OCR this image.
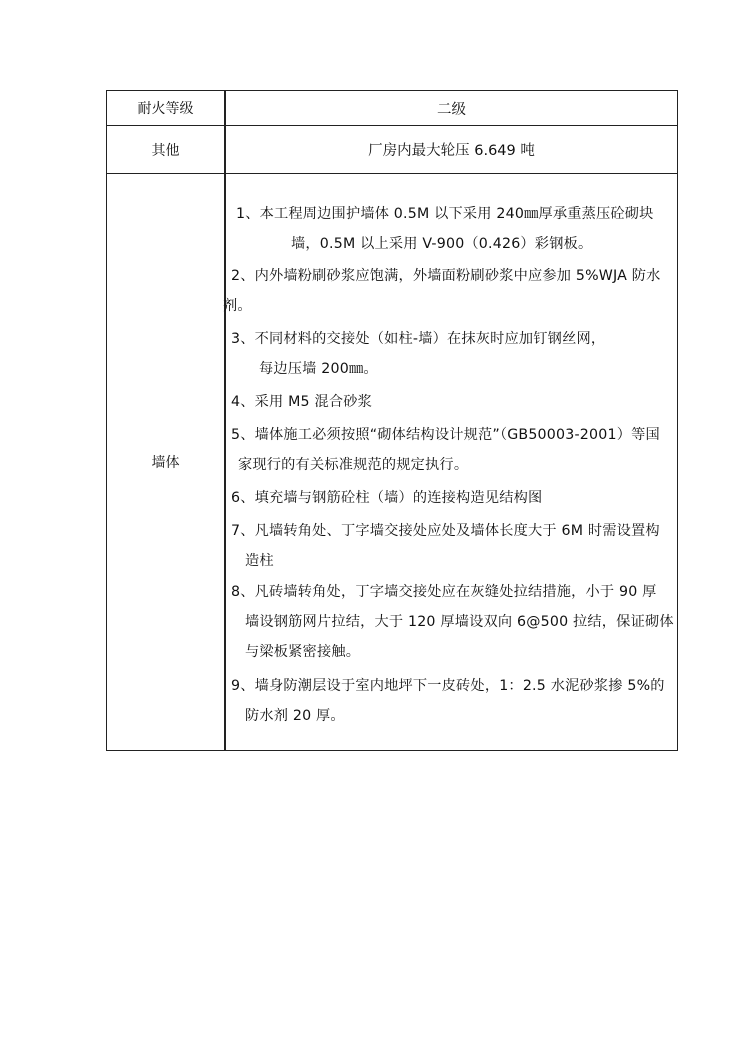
耐火等级	二级
其他	厂房内最大轮压 6.649 吨
墙体
1、本工程周边围护墙体 0.5M 以下采用 240㎜厚承重蒸压砼砌块
墙，0.5M 以上采用 V-900（0.426）彩钢板。
2、内外墙粉刷砂浆应饱满，外墙面粉刷砂浆中应参加 5%WJA 防水
剂。
3、不同材料的交接处（如柱-墙）在抹灰时应加钉钢丝网，
每边压墙 200㎜。
4、采用 M5 混合砂浆
5、墙体施工必须按照“砌体结构设计规范”（GB50003-2001）等国
家现行的有关标准规范的规定执行。
6、填充墙与钢筋砼柱（墙）的连接构造见结构图
7、凡墙转角处、丁字墙交接处应处及墙体长度大于 6M 时需设置构
造柱
8、凡砖墙转角处，丁字墙交接处应在灰缝处拉结措施，小于 90 厚
墙设钢筋网片拉结，大于 120 厚墙设双向 6@500 拉结，保证砌体
与梁板紧密接触。
9、墙身防潮层设于室内地坪下一皮砖处，1：2.5 水泥砂浆掺 5%的
防水剂 20 厚。
